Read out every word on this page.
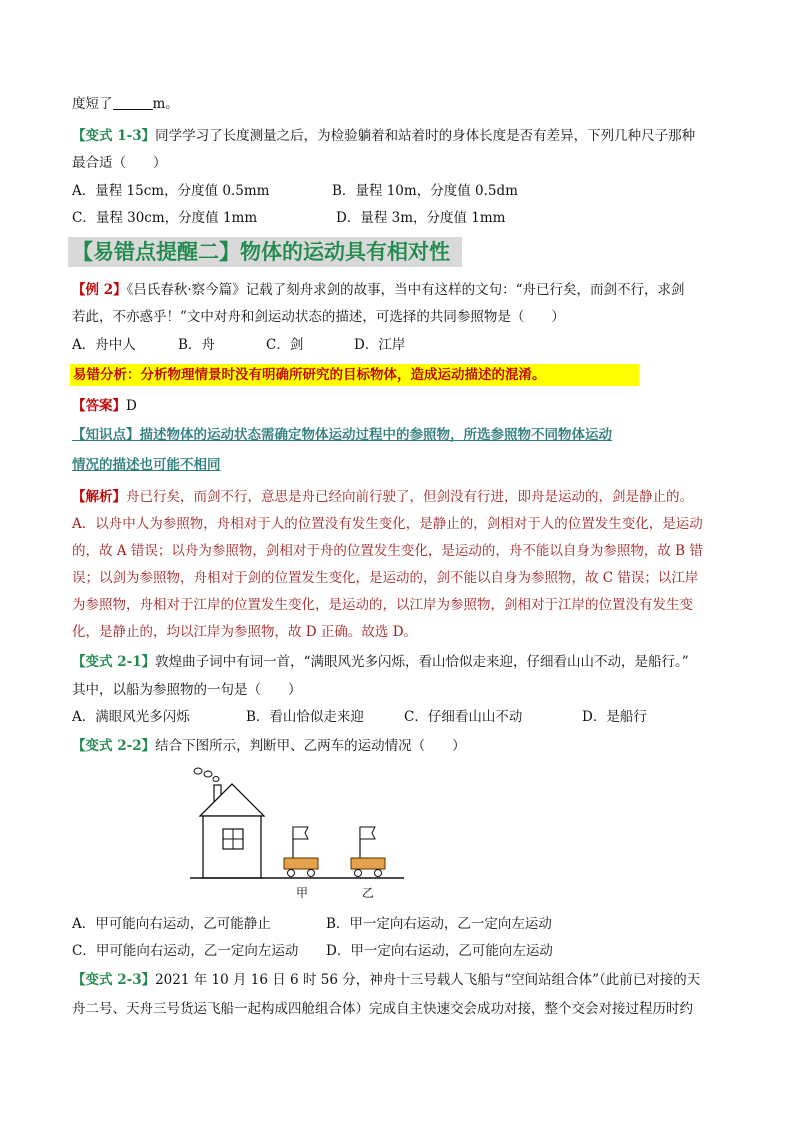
度短了	m。
【变式 1-3】同学学习了长度测量之后，为检验躺着和站着时的身体长度是否有差异，下列几种尺子那种
最合适（　　）
A．量程 15cm，分度值 0.5mm	B．量程 10m，分度值 0.5dm
C．量程 30cm，分度值 1mm	D．量程 3m，分度值 1mm
【易错点提醒二】物体的运动具有相对性
【例 2】《吕氏春秋·察今篇》记载了刻舟求剑的故事，当中有这样的文句：“舟已行矣，而剑不行，求剑
若此，不亦惑乎！”文中对舟和剑运动状态的描述，可选择的共同参照物是（　　）
A．舟中人	B．舟	C．剑	D．江岸
易错分析：分析物理情景时没有明确所研究的目标物体，造成运动描述的混淆。
【答案】D
【知识点】描述物体的运动状态需确定物体运动过程中的参照物，所选参照物不同物体运动
情况的描述也可能不相同
【解析】舟已行矣，而剑不行，意思是舟已经向前行驶了，但剑没有行进，即舟是运动的，剑是静止的。
A．以舟中人为参照物，舟相对于人的位置没有发生变化，是静止的，剑相对于人的位置发生变化，是运动
的，故 A 错误；以舟为参照物，剑相对于舟的位置发生变化，是运动的，舟不能以自身为参照物，故 B 错
误；以剑为参照物，舟相对于剑的位置发生变化，是运动的，剑不能以自身为参照物，故 C 错误；以江岸
为参照物，舟相对于江岸的位置发生变化，是运动的，以江岸为参照物，剑相对于江岸的位置没有发生变
化，是静止的，均以江岸为参照物，故 D 正确。故选 D。
【变式 2-1】敦煌曲子词中有词一首，“满眼风光多闪烁，看山恰似走来迎，仔细看山山不动，是船行。”
其中，以船为参照物的一句是（　　）
A．满眼风光多闪烁	B．看山恰似走来迎	C．仔细看山山不动	D．是船行
【变式 2-2】结合下图所示，判断甲、乙两车的运动情况（　　）
甲	乙
A．甲可能向右运动，乙可能静止	B．甲一定向右运动，乙一定向左运动
C．甲可能向右运动，乙一定向左运动 D．甲一定向右运动，乙可能向左运动
【变式 2-3】2021 年 10 月 16 日 6 时 56 分，神舟十三号载人飞船与“空间站组合体”（此前已对接的天
舟二号、天舟三号货运飞船一起构成四舱组合体）完成自主快速交会成功对接，整个交会对接过程历时约
